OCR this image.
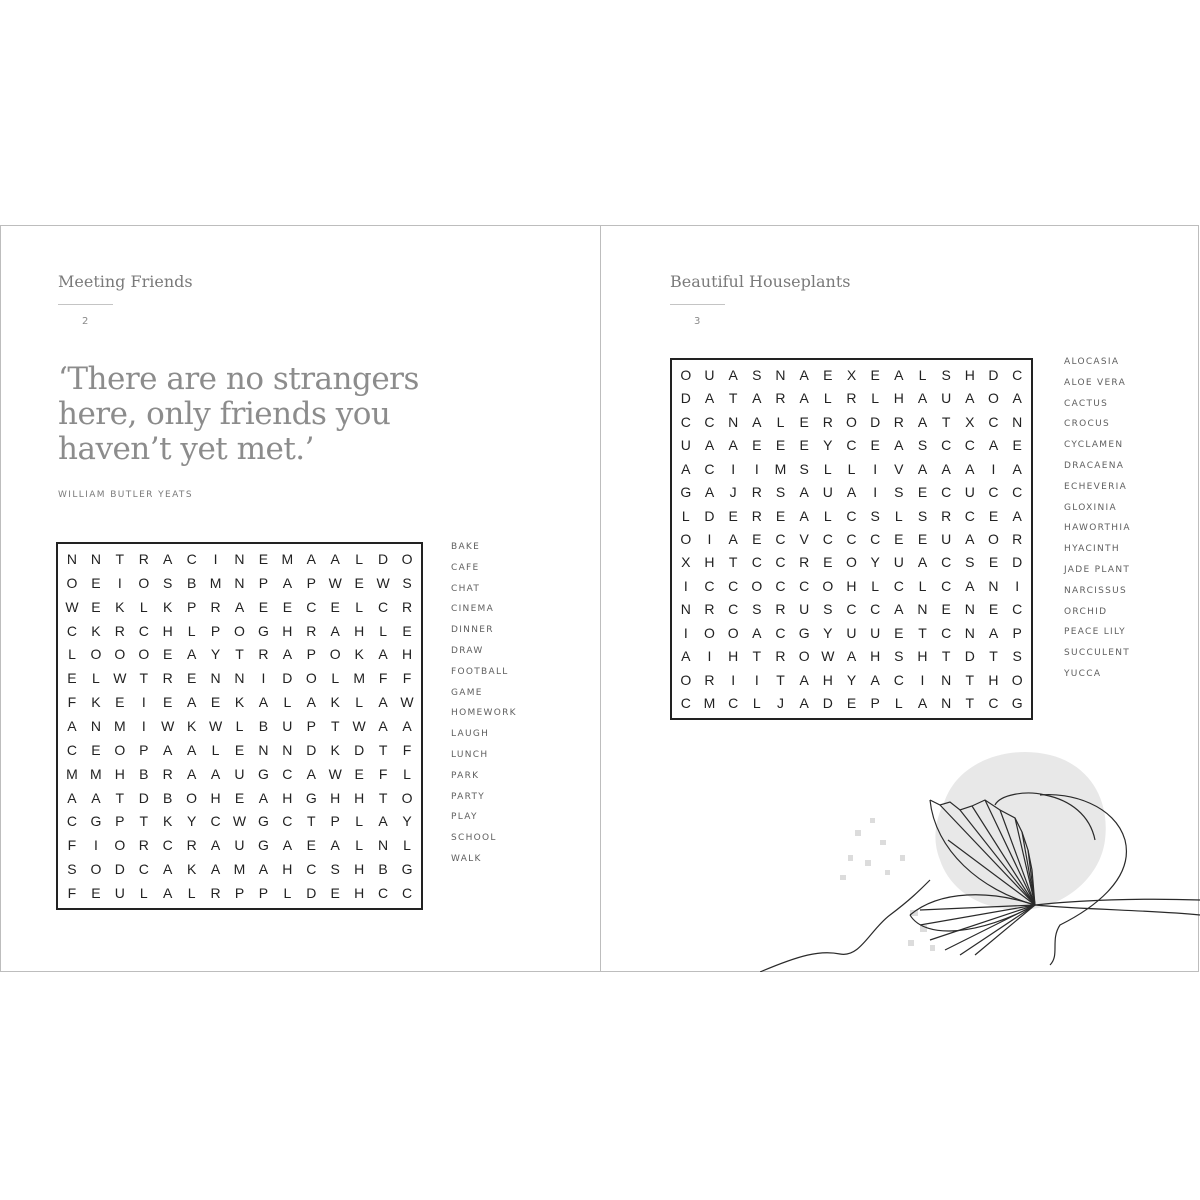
Meeting Friends
2
‘There are no strangers
here, only friends you
haven’t yet met.’
WILLIAM BUTLER YEATS
N N	T	R	A	C	I	N	E M A	A	L	D O
O E	I	O S	B M N	P	A	P W E W S
W E	K	L	K	P	R	A	E	E	C	E	L	C R
C	K	R C H	L	P O G H R	A	H	L	E
L	O O O E	A	Y	T	R	A	P O K	A	H
E	L W T	R	E	N N	I	D O	L	M F	F
F	K	E	I	E	A	E	K	A	L	A	K	L	A W
A	N M	I	W K W L	B	U	P	T W A	A
C	E O P	A	A	L	E	N N D	K	D	T	F
M M H	B	R	A	A	U G C	A W E	F	L
A	A	T	D	B O H	E	A	H G H H	T	O
C G P	T	K	Y	C W G C	T	P	L	A	Y
F	I	O R C R	A	U G A	E	A	L	N	L
S O D C	A	K	A M A	H C	S	H	B G
F	E	U	L	A	L	R	P	P	L	D	E	H C C
BAKE
CAFE
CHAT
CINEMA
DINNER
DRAW
FOOTBALL
GAME
HOMEWORK
LAUGH
LUNCH
PARK
PARTY
PLAY
SCHOOL
WALK
Beautiful Houseplants
3
O U A	S N A	E	X	E	A	L	S H D C
D A	T	A R A	L	R	L	H A U A O A
C C N A	L	E R O D R A	T	X C N
U A	A	E	E	E	Y C E	A	S C C A	E
A C	I	I	M S	L	L	I	V	A	A	A	I	A
G A	J	R S	A U A	I	S	E C U C C
L	D E R E	A	L	C S	L	S R C E	A
O	I	A	E C V C C C E	E U A O R
X H	T	C C R E O Y U A C S	E D
I	C C O C C O H	L	C	L	C A N	I
N R C S R U S C C A N E N E C
I	O O A C G Y U U E	T	C N A	P
A	I	H	T	R O W A H S H	T	D	T	S
O R	I	I	T	A H Y	A C	I	N	T	H O
C M C	L	J	A D E	P	L	A N	T	C G
ALOCASIA
ALOE VERA
CACTUS
CROCUS
CYCLAMEN
DRACAENA
ECHEVERIA
GLOXINIA
HAWORTHIA
HYACINTH
JADE PLANT
NARCISSUS
ORCHID
PEACE LILY
SUCCULENT
YUCCA
